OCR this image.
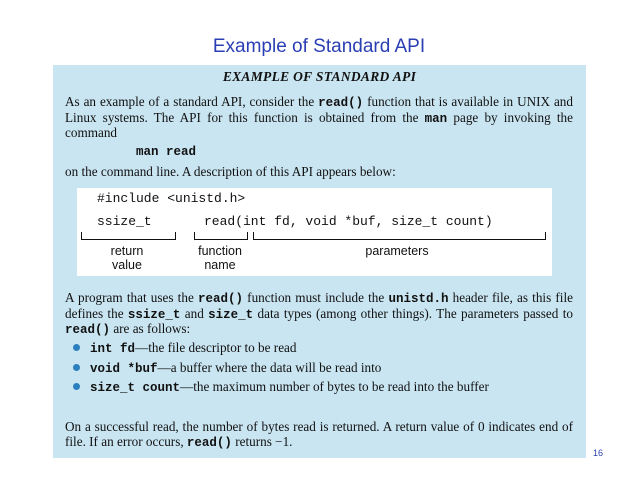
Example of Standard API
EXAMPLE OF STANDARD API
As an example of a standard API, consider the read() function that is available in UNIX and Linux systems. The API for this function is obtained from the man page by invoking the command
man read
on the command line. A description of this API appears below:
#include <unistd.h>
ssize_t	read(int fd, void *buf, size_t count)
return
value
function
name
parameters
A program that uses the read() function must include the unistd.h header file, as this file defines the ssize_t and size_t data types (among other things). The parameters passed to read() are as follows:
int fd—the file descriptor to be read
void *buf—a buffer where the data will be read into
size_t count—the maximum number of bytes to be read into the buffer
On a successful read, the number of bytes read is returned. A return value of 0 indicates end of file. If an error occurs, read() returns −1.
16
